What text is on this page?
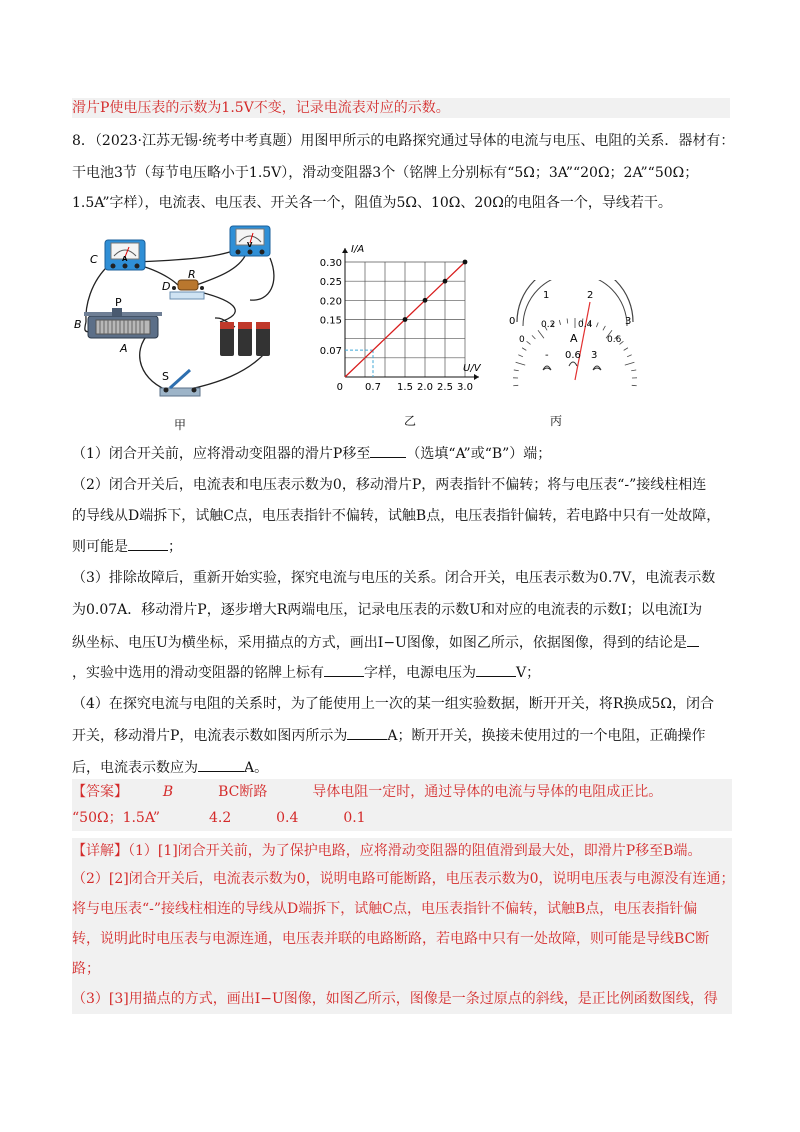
滑片P使电压表的示数为1.5V不变，记录电流表对应的示数。
8．（2023·江苏无锡·统考中考真题）用图甲所示的电路探究通过导体的电流与电压、电阻的关系．器材有：
干电池3节（每节电压略小于1.5V），滑动变阻器3个（铭牌上分别标有“5Ω；3A”“20Ω；2A”“50Ω；
1.5A”字样），电流表、电压表、开关各一个，阻值为5Ω、10Ω、20Ω的电阻各一个，导线若干。
C
D
R
B
A
P
S
A
V
甲
0.30
0.25
0.20
0.15
0.07
0.7 1.5 2.0 2.5 3.0
0
I/A
U/V
乙
0
1	2
3
0
0.2	0.4
0.6
A
- 0.6 3
丙
（1）闭合开关前，应将滑动变阻器的滑片P移至	（选填“A”或“B”）端；
（2）闭合开关后，电流表和电压表示数为0，移动滑片P，两表指针不偏转；将与电压表“-”接线柱相连
的导线从D端拆下，试触C点，电压表指针不偏转，试触B点，电压表指针偏转，若电路中只有一处故障，
则可能是	；
（3）排除故障后，重新开始实验，探究电流与电压的关系。闭合开关，电压表示数为0.7V，电流表示数
为0.07A．移动滑片P，逐步增大R两端电压，记录电压表的示数U和对应的电流表的示数I；以电流I为
纵坐标、电压U为横坐标，采用描点的方式，画出I−U图像，如图乙所示，依据图像，得到的结论是
，实验中选用的滑动变阻器的铭牌上标有	字样，电源电压为	V；
（4）在探究电流与电阻的关系时，为了能使用上一次的某一组实验数据，断开开关，将R换成5Ω，闭合
开关，移动滑片P，电流表示数如图丙所示为	A；断开开关，换接未使用过的一个电阻，正确操作
后，电流表示数应为	A。
【答案】 B	BC断路	导体电阻一定时，通过导体的电流与导体的电阻成正比。
“50Ω；1.5A”	4.2	0.4	0.1
【详解】（1）[1]闭合开关前，为了保护电路，应将滑动变阻器的阻值滑到最大处，即滑片P移至B端。
（2）[2]闭合开关后，电流表示数为0，说明电路可能断路，电压表示数为0，说明电压表与电源没有连通；
将与电压表“-”接线柱相连的导线从D端拆下，试触C点，电压表指针不偏转，试触B点，电压表指针偏
转，说明此时电压表与电源连通，电压表并联的电路断路，若电路中只有一处故障，则可能是导线BC断
路；
（3）[3]用描点的方式，画出I−U图像，如图乙所示，图像是一条过原点的斜线，是正比例函数图线，得
